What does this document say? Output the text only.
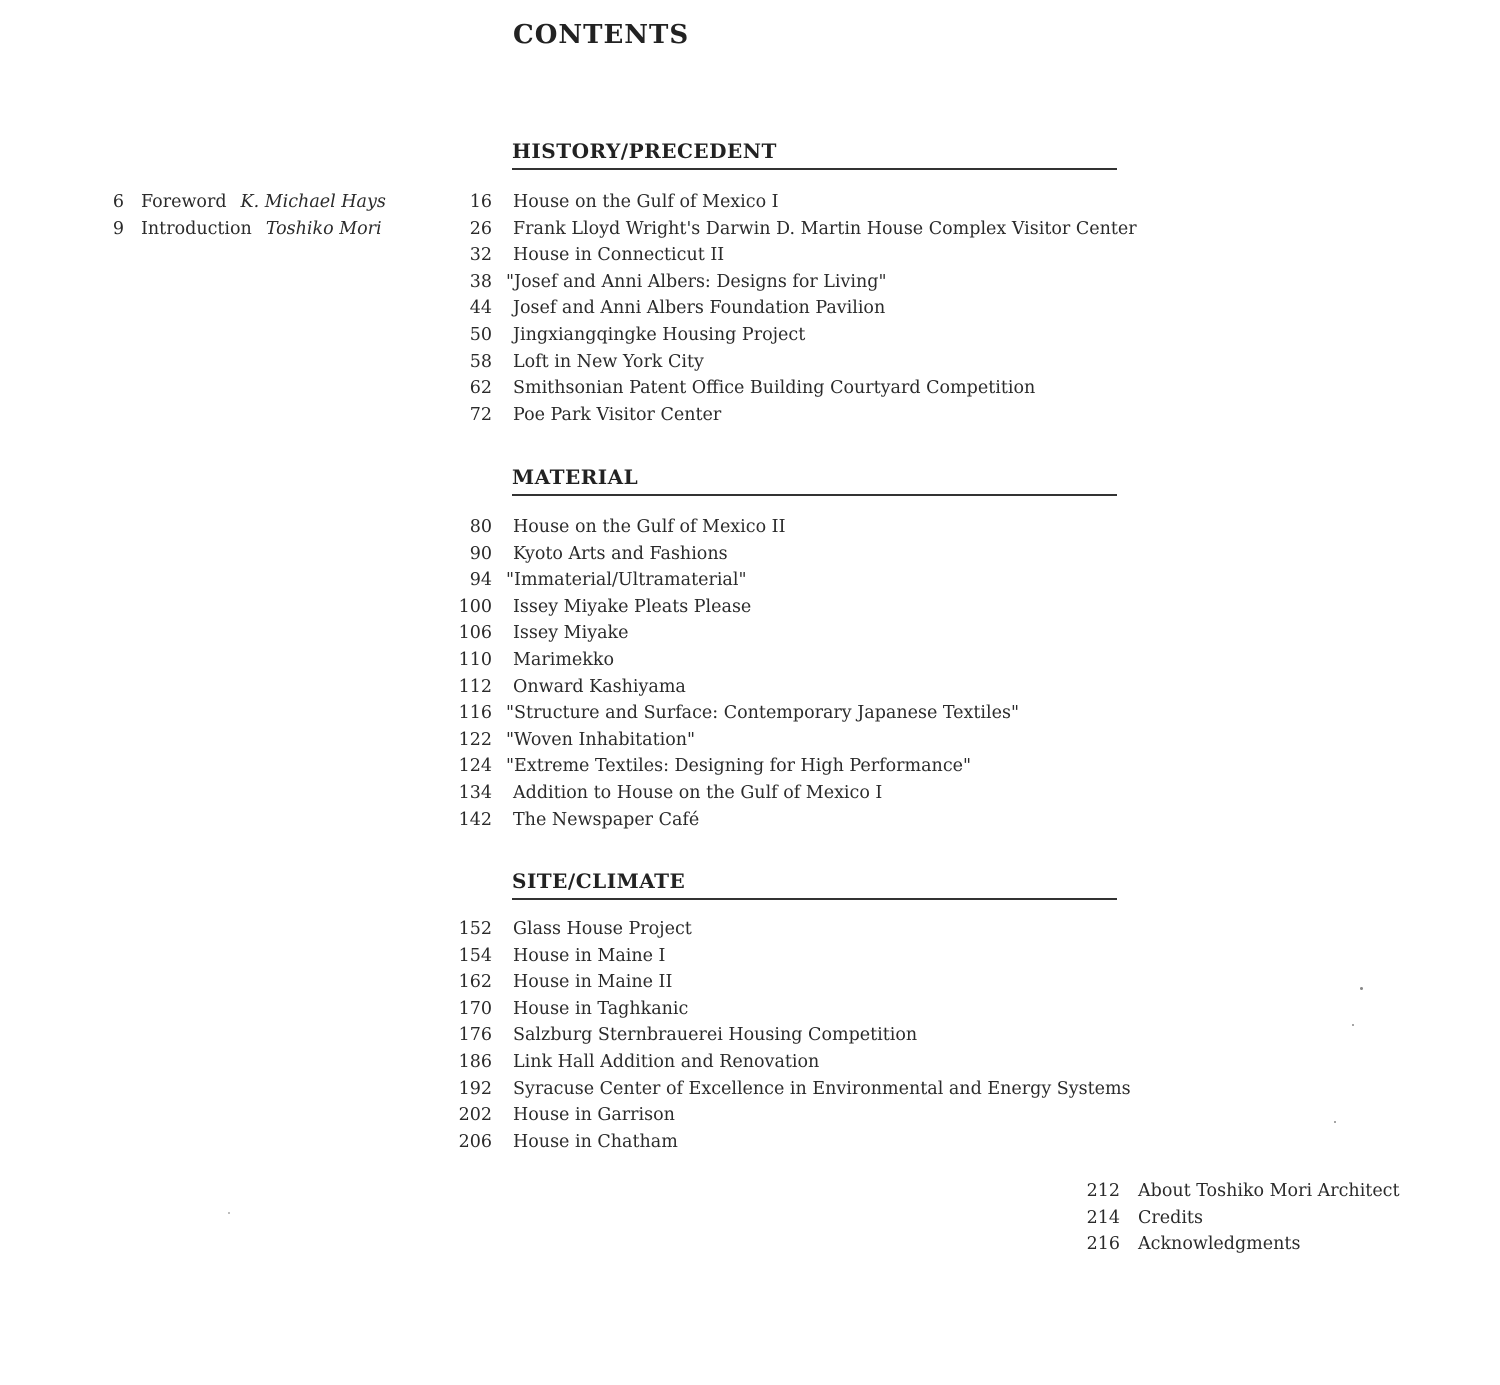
CONTENTS
6 Foreword K. Michael Hays
9 Introduction Toshiko Mori
HISTORY/PRECEDENT
16 House on the Gulf of Mexico I
26 Frank Lloyd Wright's Darwin D. Martin House Complex Visitor Center
32 House in Connecticut II
38 "Josef and Anni Albers: Designs for Living"
44 Josef and Anni Albers Foundation Pavilion
50 Jingxiangqingke Housing Project
58 Loft in New York City
62 Smithsonian Patent Office Building Courtyard Competition
72 Poe Park Visitor Center
MATERIAL
80 House on the Gulf of Mexico II
90 Kyoto Arts and Fashions
94 "Immaterial/Ultramaterial"
100 Issey Miyake Pleats Please
106 Issey Miyake
110 Marimekko
112 Onward Kashiyama
116 "Structure and Surface: Contemporary Japanese Textiles"
122 "Woven Inhabitation"
124 "Extreme Textiles: Designing for High Performance"
134 Addition to House on the Gulf of Mexico I
142 The Newspaper Café
SITE/CLIMATE
152 Glass House Project
154 House in Maine I
162 House in Maine II
170 House in Taghkanic
176 Salzburg Sternbrauerei Housing Competition
186 Link Hall Addition and Renovation
192 Syracuse Center of Excellence in Environmental and Energy Systems
202 House in Garrison
206 House in Chatham
212 About Toshiko Mori Architect
214 Credits
216 Acknowledgments
